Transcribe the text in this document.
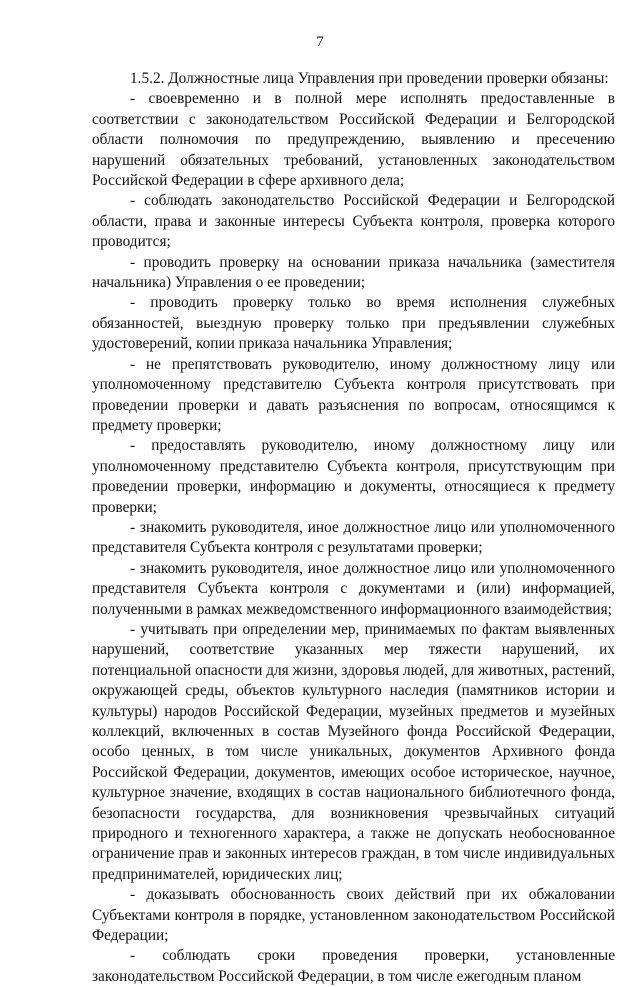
7

1.5.2. Должностные лица Управления при проведении проверки обязаны:

- своевременно и в полной мере исполнять предоставленные в соответствии с законодательством Российской Федерации и Белгородской области полномочия по предупреждению, выявлению и пресечению нарушений обязательных требований, установленных законодательством Российской Федерации в сфере архивного дела;

- соблюдать законодательство Российской Федерации и Белгородской области, права и законные интересы Субъекта контроля, проверка которого проводится;

- проводить проверку на основании приказа начальника (заместителя начальника) Управления о ее проведении;

- проводить проверку только во время исполнения служебных обязанностей, выездную проверку только при предъявлении служебных удостоверений, копии приказа начальника Управления;

- не препятствовать руководителю, иному должностному лицу или уполномоченному представителю Субъекта контроля присутствовать при проведении проверки и давать разъяснения по вопросам, относящимся к предмету проверки;

- предоставлять руководителю, иному должностному лицу или уполномоченному представителю Субъекта контроля, присутствующим при проведении проверки, информацию и документы, относящиеся к предмету проверки;

- знакомить руководителя, иное должностное лицо или уполномоченного представителя Субъекта контроля с результатами проверки;

- знакомить руководителя, иное должностное лицо или уполномоченного представителя Субъекта контроля с документами и (или) информацией, полученными в рамках межведомственного информационного взаимодействия;

- учитывать при определении мер, принимаемых по фактам выявленных нарушений, соответствие указанных мер тяжести нарушений, их потенциальной опасности для жизни, здоровья людей, для животных, растений, окружающей среды, объектов культурного наследия (памятников истории и культуры) народов Российской Федерации, музейных предметов и музейных коллекций, включенных в состав Музейного фонда Российской Федерации, особо ценных, в том числе уникальных, документов Архивного фонда Российской Федерации, документов, имеющих особое историческое, научное, культурное значение, входящих в состав национального библиотечного фонда, безопасности государства, для возникновения чрезвычайных ситуаций природного и техногенного характера, а также не допускать необоснованное ограничение прав и законных интересов граждан, в том числе индивидуальных предпринимателей, юридических лиц;

- доказывать обоснованность своих действий при их обжаловании Субъектами контроля в порядке, установленном законодательством Российской Федерации;

- соблюдать сроки проведения проверки, установленные законодательством Российской Федерации, в том числе ежегодным планом
